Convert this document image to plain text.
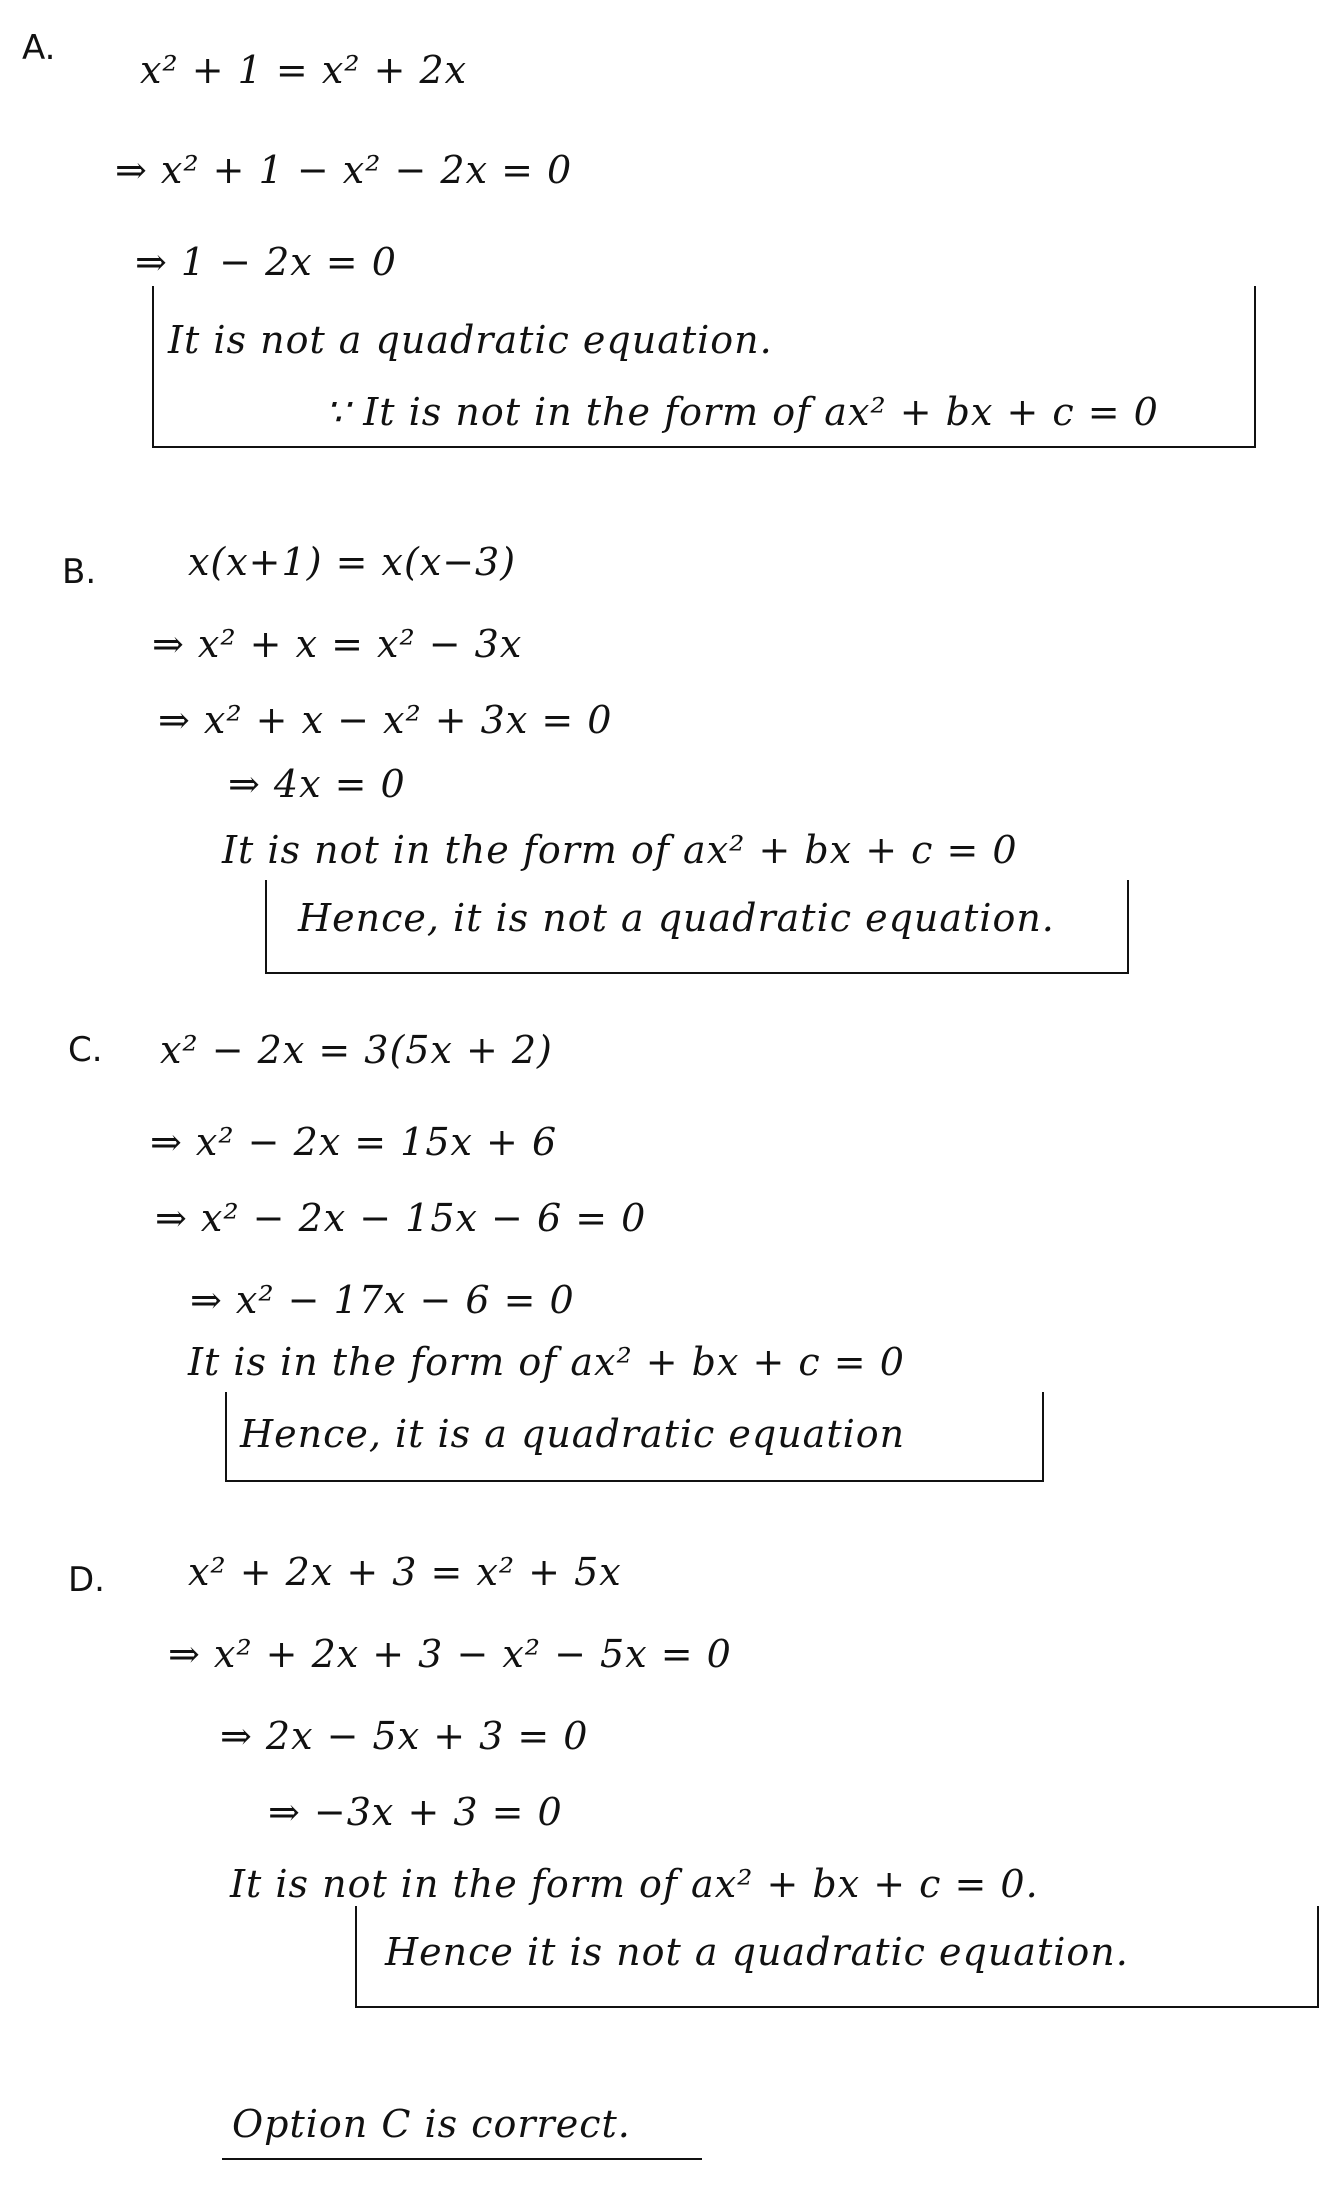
A. x² + 1 = x² + 2x
⇒ x² + 1 − x² − 2x = 0
⇒ 1 − 2x = 0
It is not a quadratic equation.
∵ It is not in the form of ax² + bx + c = 0
B. x(x+1) = x(x−3)
⇒ x² + x = x² − 3x
⇒ x² + x − x² + 3x = 0
⇒ 4x = 0
It is not in the form of ax² + bx + c = 0
Hence, it is not a quadratic equation.
C. x² − 2x = 3(5x + 2)
⇒ x² − 2x = 15x + 6
⇒ x² − 2x − 15x − 6 = 0
⇒ x² − 17x − 6 = 0
It is in the form of ax² + bx + c = 0
Hence, it is a quadratic equation
D. x² + 2x + 3 = x² + 5x
⇒ x² + 2x + 3 − x² − 5x = 0
⇒ 2x − 5x + 3 = 0
⇒ −3x + 3 = 0
It is not in the form of ax² + bx + c = 0.
Hence it is not a quadratic equation.
Option C is correct.
